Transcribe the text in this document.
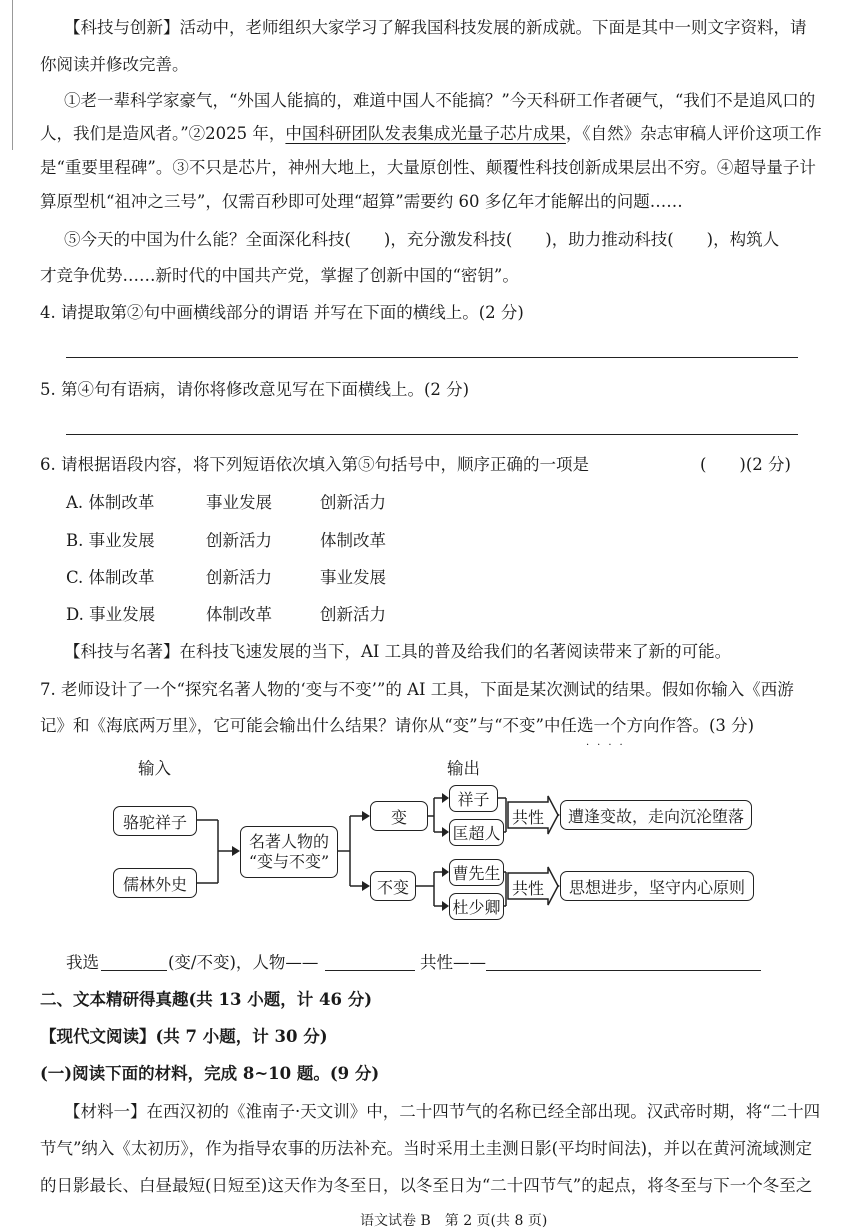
【科技与创新】活动中，老师组织大家学习了解我国科技发展的新成就。下面是其中一则文字资料，请
你阅读并修改完善。
①老一辈科学家豪气，“外国人能搞的，难道中国人不能搞？”今天科研工作者硬气，“我们不是追风口的
人，我们是造风者。”②2025 年，中国科研团队发表集成光量子芯片成果，《自然》杂志审稿人评价这项工作
是“重要里程碑”。③不只是芯片，神州大地上，大量原创性、颠覆性科技创新成果层出不穷。④超导量子计
算原型机“祖冲之三号”，仅需百秒即可处理“超算”需要约 60 多亿年才能解出的问题……
⑤今天的中国为什么能？全面深化科技(　　)，充分激发科技(　　)，助力推动科技(　　)，构筑人
才竞争优势……新时代的中国共产党，掌握了创新中国的“密钥”。
4. 请提取第②句中画横线部分的谓语 并写在下面的横线上。(2 分)
5. 第④句有语病，请你将修改意见写在下面横线上。(2 分)
6. 请根据语段内容，将下列短语依次填入第⑤句括号中，顺序正确的一项是	(　　)(2 分)
A. 体制改革	事业发展	创新活力
B. 事业发展	创新活力	体制改革
C. 体制改革	创新活力	事业发展
D. 事业发展	体制改革	创新活力
【科技与名著】在科技飞速发展的当下，AI 工具的普及给我们的名著阅读带来了新的可能。
7. 老师设计了一个“探究名著人物的‘变与不变’”的 AI 工具，下面是某次测试的结果。假如你输入《西游
记》和《海底两万里》，它可能会输出什么结果？请你从“变”与“不变”中任选一个方向作答。(3 分)
····
输入	输出
骆驼祥子
儒林外史
名著人物的
“变与不变”
变
不变
祥子
匡超人
曹先生
杜少卿
共性
共性
遭逢变故，走向沉沦堕落
思想进步，坚守内心原则
我选	(变/不变)，人物——	共性——
二、文本精研得真趣(共 13 小题，计 46 分)
【现代文阅读】(共 7 小题，计 30 分)
(一)阅读下面的材料，完成 8~10 题。(9 分)
【材料一】在西汉初的《淮南子·天文训》中，二十四节气的名称已经全部出现。汉武帝时期，将“二十四
节气”纳入《太初历》，作为指导农事的历法补充。当时采用土圭测日影(平均时间法)，并以在黄河流域测定
的日影最长、白昼最短(日短至)这天作为冬至日，以冬至日为“二十四节气”的起点，将冬至与下一个冬至之
语文试卷 B　第 2 页(共 8 页)
